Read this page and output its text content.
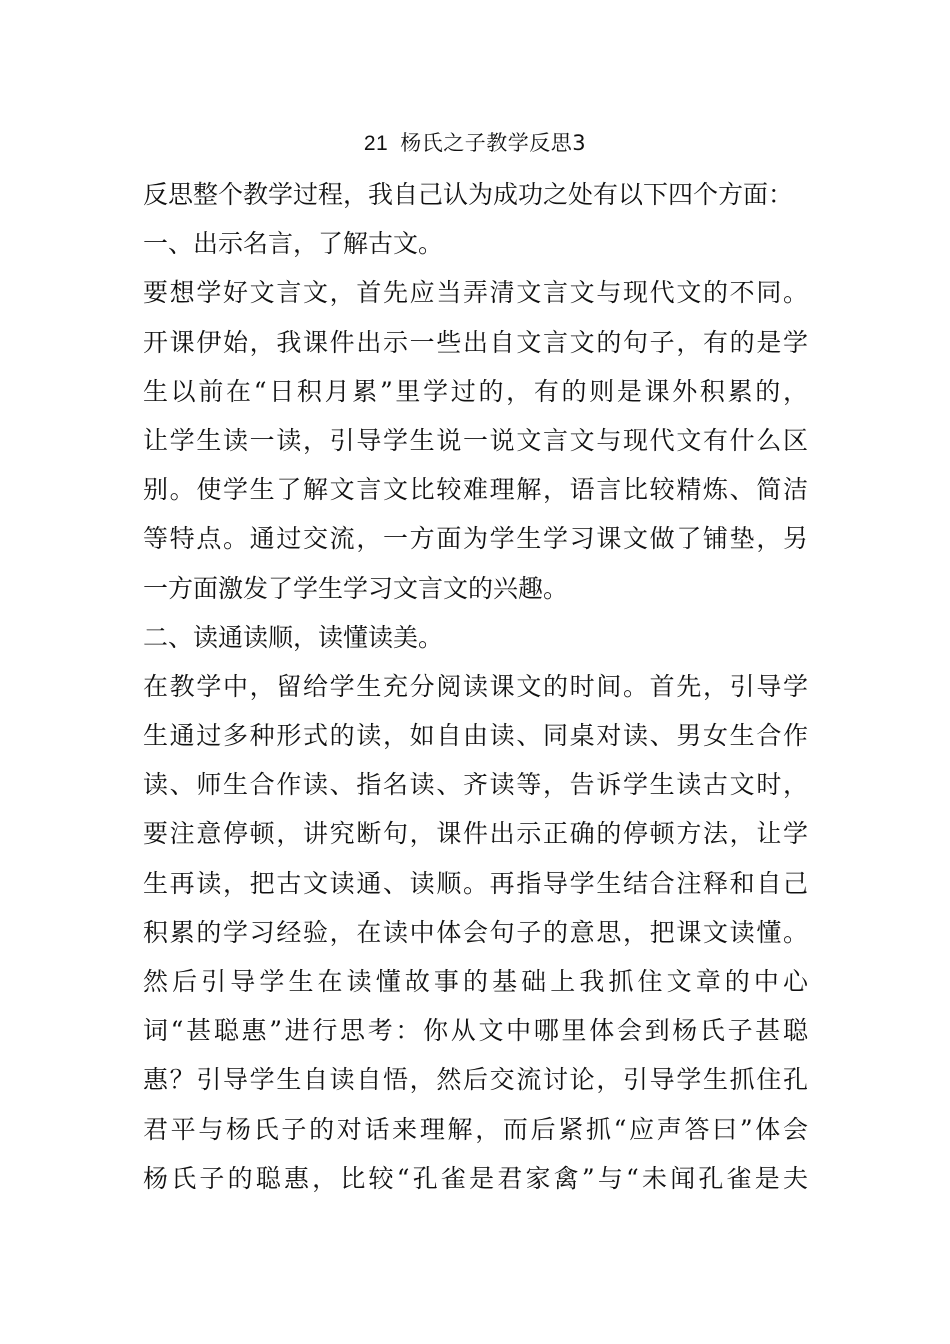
21 杨氏之子教学反思3
反思整个教学过程，我自己认为成功之处有以下四个方面：
一、出示名言，了解古文。
要想学好文言文，首先应当弄清文言文与现代文的不同。
开课伊始，我课件出示一些出自文言文的句子，有的是学
生以前在“日积月累”里学过的，有的则是课外积累的，
让学生读一读，引导学生说一说文言文与现代文有什么区
别。使学生了解文言文比较难理解，语言比较精炼、简洁
等特点。通过交流，一方面为学生学习课文做了铺垫，另
一方面激发了学生学习文言文的兴趣。
二、读通读顺，读懂读美。
在教学中，留给学生充分阅读课文的时间。首先，引导学
生通过多种形式的读，如自由读、同桌对读、男女生合作
读、师生合作读、指名读、齐读等，告诉学生读古文时，
要注意停顿，讲究断句，课件出示正确的停顿方法，让学
生再读，把古文读通、读顺。再指导学生结合注释和自己
积累的学习经验，在读中体会句子的意思，把课文读懂。
然后引导学生在读懂故事的基础上我抓住文章的中心
词“甚聪惠”进行思考：你从文中哪里体会到杨氏子甚聪
惠？引导学生自读自悟，然后交流讨论，引导学生抓住孔
君平与杨氏子的对话来理解，而后紧抓“应声答曰”体会
杨氏子的聪惠，比较“孔雀是君家禽”与“未闻孔雀是夫
